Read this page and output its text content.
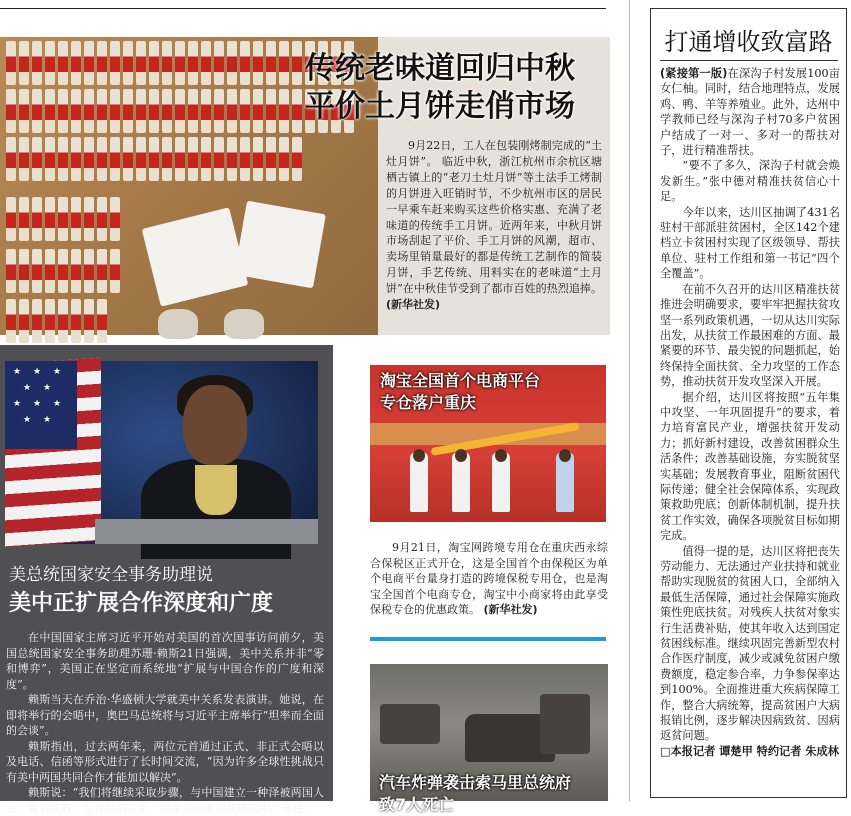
传统老味道回归中秋
平价土月饼走俏市场
9月22日，工人在包装刚烤制完成的“土灶月饼”。 临近中秋，浙江杭州市余杭区塘栖古镇上的“老刀土灶月饼”等土法手工烤制的月饼进入旺销时节，不少杭州市区的居民一早乘车赶来购买这些价格实惠、充满了老味道的传统手工月饼。近两年来，中秋月饼市场刮起了平价、手工月饼的风潮，超市、卖场里销量最好的都是传统工艺制作的简装月饼，手艺传统、用料实在的老味道“土月饼”在中秋佳节受到了都市百姓的热烈追捧。 (新华社发)
★ ★ ★
★ ★
★ ★ ★
★ ★
美总统国家安全事务助理说
美中正扩展合作深度和广度

在中国国家主席习近平开始对美国的首次国事访问前夕，美国总统国家安全事务助理苏珊·赖斯21日强调，美中关系并非“零和博弈”，美国正在坚定而系统地“扩展与中国合作的广度和深度”。

赖斯当天在乔治·华盛顿大学就美中关系发表演讲。她说，在即将举行的会晤中，奥巴马总统将与习近平主席举行“坦率而全面的会谈”。

赖斯指出，过去两年来，两位元首通过正式、非正式会晤以及电话、信函等形式进行了长时间交流，“因为许多全球性挑战只有美中两国共同合作才能加以解决”。

赖斯说：“我们将继续采取步骤，与中国建立一种泽被两国人民、富有成效、合作性的关系。这是美国亚洲战略的中心支柱。”

淘宝全国首个电商平台
专仓落户重庆
9月21日，淘宝网跨境专用仓在重庆西永综合保税区正式开仓，这是全国首个由保税区为单个电商平台量身打造的跨境保税专用仓，也是淘宝全国首个电商专仓，淘宝中小商家将由此享受保税专仓的优惠政策。 (新华社发)
汽车炸弹袭击索马里总统府
致7人死亡
打通增收致富路

(紧接第一版)在深沟子村发展100亩女仁柚。同时，结合地理特点，发展鸡、鸭、羊等养殖业。此外，达州中学教师已经与深沟子村70多户贫困户结成了一对一、多对一的帮扶对子，进行精准帮扶。

“要不了多久，深沟子村就会焕发新生。”张中德对精准扶贫信心十足。

今年以来，达川区抽调了431名驻村干部派驻贫困村，全区142个建档立卡贫困村实现了区级领导、帮扶单位、驻村工作组和第一书记“四个全覆盖”。

在前不久召开的达川区精准扶贫推进会明确要求，要牢牢把握扶贫攻坚一系列政策机遇，一切从达川实际出发，从扶贫工作最困难的方面、最紧要的环节、最尖锐的问题抓起，始终保持全面扶贫、全力攻坚的工作态势，推动扶贫开发攻坚深入开展。

据介绍，达川区将按照“五年集中攻坚、一年巩固提升”的要求，着力培育富民产业，增强扶贫开发动力；抓好新村建设，改善贫困群众生活条件；改善基础设施，夯实脱贫坚实基础；发展教育事业，阻断贫困代际传递；健全社会保障体系，实现政策救助兜底；创新体制机制，提升扶贫工作实效，确保各项脱贫目标如期完成。

值得一提的是，达川区将把丧失劳动能力、无法通过产业扶持和就业帮助实现脱贫的贫困人口，全部纳入最低生活保障，通过社会保障实施政策性兜底扶贫。对残疾人扶贫对象实行生活费补贴，使其年收入达到国定贫困线标准。继续巩固完善新型农村合作医疗制度，减少或减免贫困户缴费额度，稳定参合率，力争参保率达到100%。全面推进重大疾病保障工作，整合大病统筹，提高贫困户大病报销比例，逐步解决因病致贫、因病返贫问题。

□本报记者 谭楚甲 特约记者 朱成林
